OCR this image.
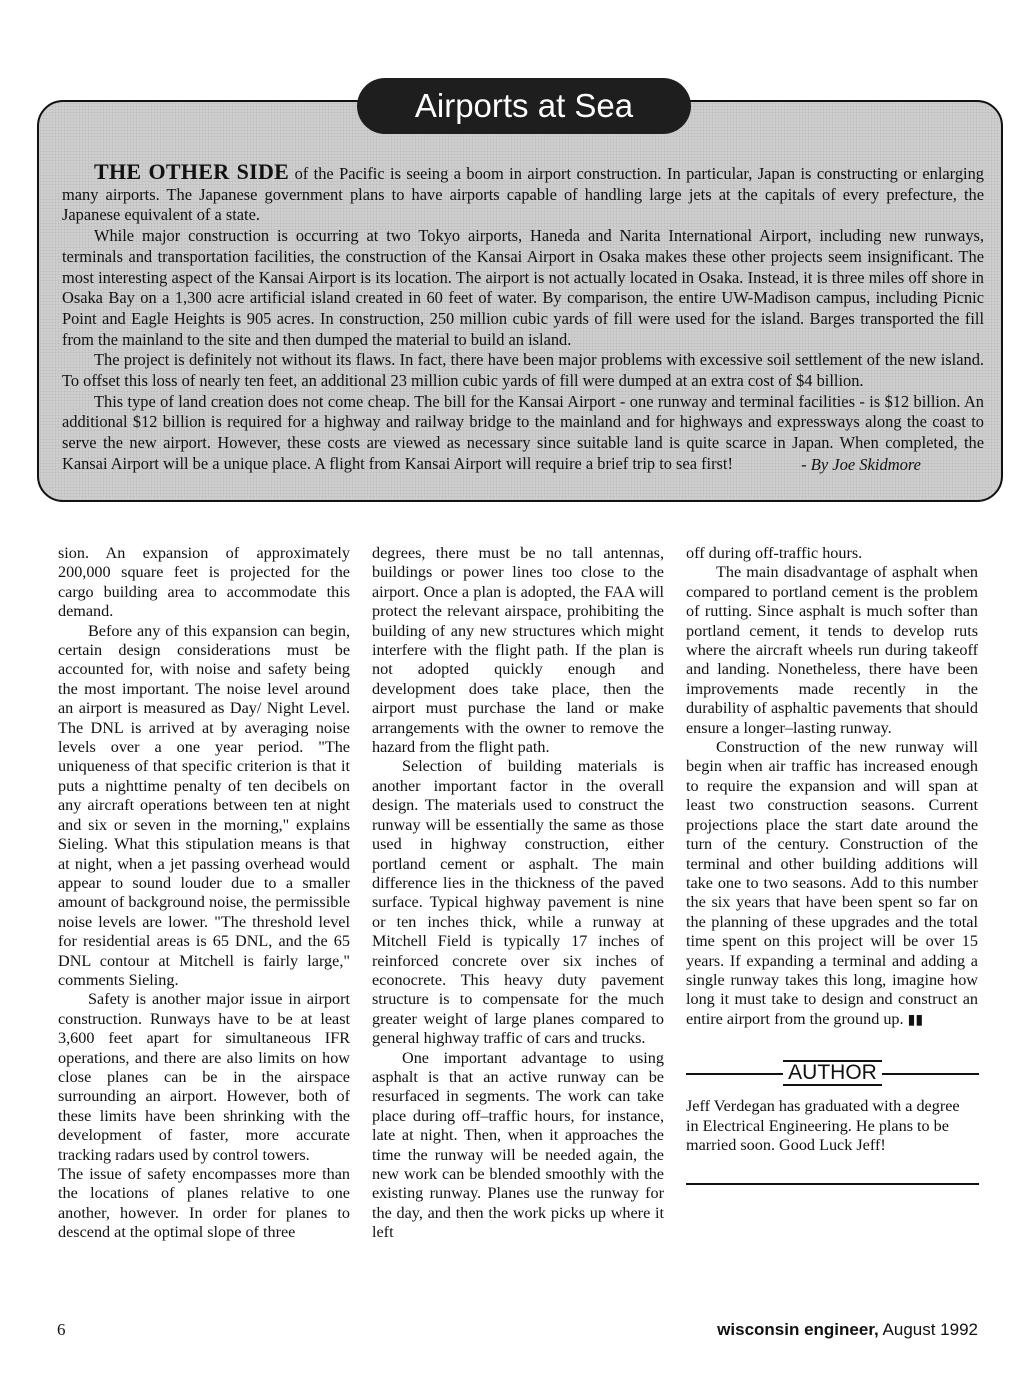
Airports at Sea

THE OTHER SIDE of the Pacific is seeing a boom in airport construction. In particular, Japan is constructing or enlarging many airports. The Japanese government plans to have airports capable of handling large jets at the capitals of every prefecture, the Japanese equivalent of a state.

While major construction is occurring at two Tokyo airports, Haneda and Narita International Airport, including new runways, terminals and transportation facilities, the construction of the Kansai Airport in Osaka makes these other projects seem insignificant. The most interesting aspect of the Kansai Airport is its location. The airport is not actually located in Osaka. Instead, it is three miles off shore in Osaka Bay on a 1,300 acre artificial island created in 60 feet of water. By comparison, the entire UW-Madison campus, including Picnic Point and Eagle Heights is 905 acres. In construction, 250 million cubic yards of fill were used for the island. Barges transported the fill from the mainland to the site and then dumped the material to build an island.

The project is definitely not without its flaws. In fact, there have been major problems with excessive soil settlement of the new island. To offset this loss of nearly ten feet, an additional 23 million cubic yards of fill were dumped at an extra cost of $4 billion.

This type of land creation does not come cheap. The bill for the Kansai Airport - one runway and terminal facilities - is $12 billion. An additional $12 billion is required for a highway and railway bridge to the mainland and for highways and expressways along the coast to serve the new airport. However, these costs are viewed as necessary since suitable land is quite scarce in Japan. When completed, the Kansai Airport will be a unique place. A flight from Kansai Airport will require a brief trip to sea first!	- By Joe Skidmore

sion. An expansion of approximately 200,000 square feet is projected for the cargo building area to accommodate this demand.

Before any of this expansion can begin, certain design considerations must be accounted for, with noise and safety being the most important. The noise level around an airport is measured as Day/ Night Level. The DNL is arrived at by averaging noise levels over a one year period. "The uniqueness of that specific criterion is that it puts a nighttime penalty of ten decibels on any aircraft operations between ten at night and six or seven in the morning," explains Sieling. What this stipulation means is that at night, when a jet passing overhead would appear to sound louder due to a smaller amount of background noise, the permissible noise levels are lower. "The threshold level for residential areas is 65 DNL, and the 65 DNL contour at Mitchell is fairly large," comments Sieling.

Safety is another major issue in airport construction. Runways have to be at least 3,600 feet apart for simultaneous IFR operations, and there are also limits on how close planes can be in the airspace surrounding an airport. However, both of these limits have been shrinking with the development of faster, more accurate tracking radars used by control towers.

The issue of safety encompasses more than the locations of planes relative to one another, however. In order for planes to descend at the optimal slope of three

degrees, there must be no tall antennas, buildings or power lines too close to the airport. Once a plan is adopted, the FAA will protect the relevant airspace, prohibiting the building of any new structures which might interfere with the flight path. If the plan is not adopted quickly enough and development does take place, then the airport must purchase the land or make arrangements with the owner to remove the hazard from the flight path.

Selection of building materials is another important factor in the overall design. The materials used to construct the runway will be essentially the same as those used in highway construction, either portland cement or asphalt. The main difference lies in the thickness of the paved surface. Typical highway pavement is nine or ten inches thick, while a runway at Mitchell Field is typically 17 inches of reinforced concrete over six inches of econocrete. This heavy duty pavement structure is to compensate for the much greater weight of large planes compared to general highway traffic of cars and trucks.

One important advantage to using asphalt is that an active runway can be resurfaced in segments. The work can take place during off–traffic hours, for instance, late at night. Then, when it approaches the time the runway will be needed again, the new work can be blended smoothly with the existing runway. Planes use the runway for the day, and then the work picks up where it left

off during off-traffic hours.

The main disadvantage of asphalt when compared to portland cement is the problem of rutting. Since asphalt is much softer than portland cement, it tends to develop ruts where the aircraft wheels run during takeoff and landing. Nonetheless, there have been improvements made recently in the durability of asphaltic pavements that should ensure a longer–lasting runway.

Construction of the new runway will begin when air traffic has increased enough to require the expansion and will span at least two construction seasons. Current projections place the start date around the turn of the century. Construction of the terminal and other building additions will take one to two seasons. Add to this number the six years that have been spent so far on the planning of these upgrades and the total time spent on this project will be over 15 years. If expanding a terminal and adding a single runway takes this long, imagine how long it must take to design and construct an entire airport from the ground up. ▮▮

AUTHOR
Jeff Verdegan has graduated with a degree in Electrical Engineering. He plans to be married soon. Good Luck Jeff!
6	wisconsin engineer, August 1992
